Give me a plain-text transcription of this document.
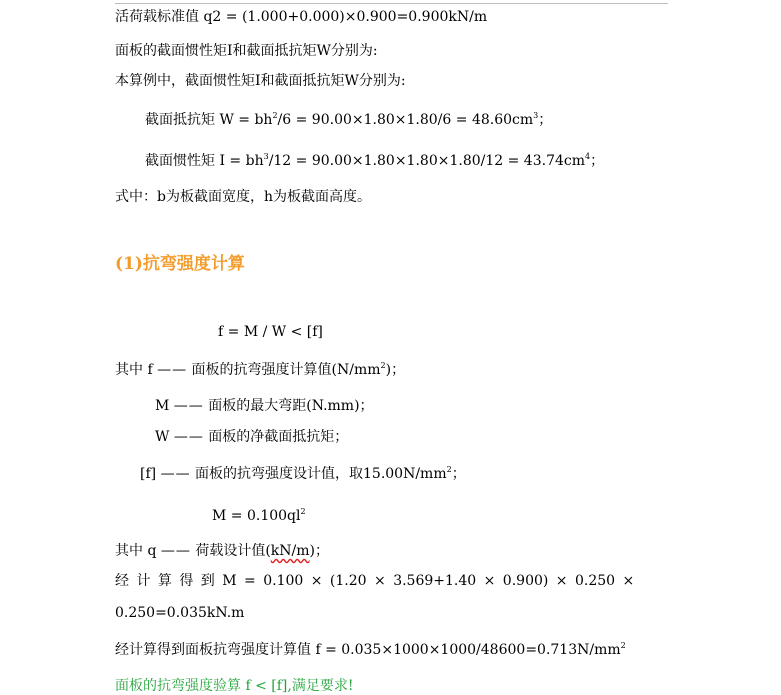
活荷载标准值 q2 = (1.000+0.000)×0.900=0.900kN/m
面板的截面惯性矩I和截面抵抗矩W分别为:
本算例中，截面惯性矩I和截面抵抗矩W分别为:
截面抵抗矩 $W = bh^2/6 = 90.00\times 1.80\times 1.80/6 = 48.60cm^3$；
截面惯性矩 $I = bh^3/12 = 90.00\times 1.80\times 1.80\times 1.80/12 = 43.74cm^4$；
式中：b为板截面宽度，h为板截面高度。
(1)抗弯强度计算
f = M / W < [f]
其中 f —— 面板的抗弯强度计算值$(N/mm^2)$；
M —— 面板的最大弯距(N.mm)；
W —— 面板的净截面抵抗矩；
[f] —— 面板的抗弯强度设计值，取$15.00N/mm^2$；
$M = 0.100ql^2$
其中 q —— 荷载设计值(kN/m)；
经 计 算 得 到 M = 0.100 × (1.20 × 3.569+1.40 × 0.900) × 0.250 ×
0.250=0.035kN.m
经计算得到面板抗弯强度计算值 $f = 0.035\times 1000\times 1000/48600=0.713N/mm^2$
面板的抗弯强度验算 f < [f],满足要求!
